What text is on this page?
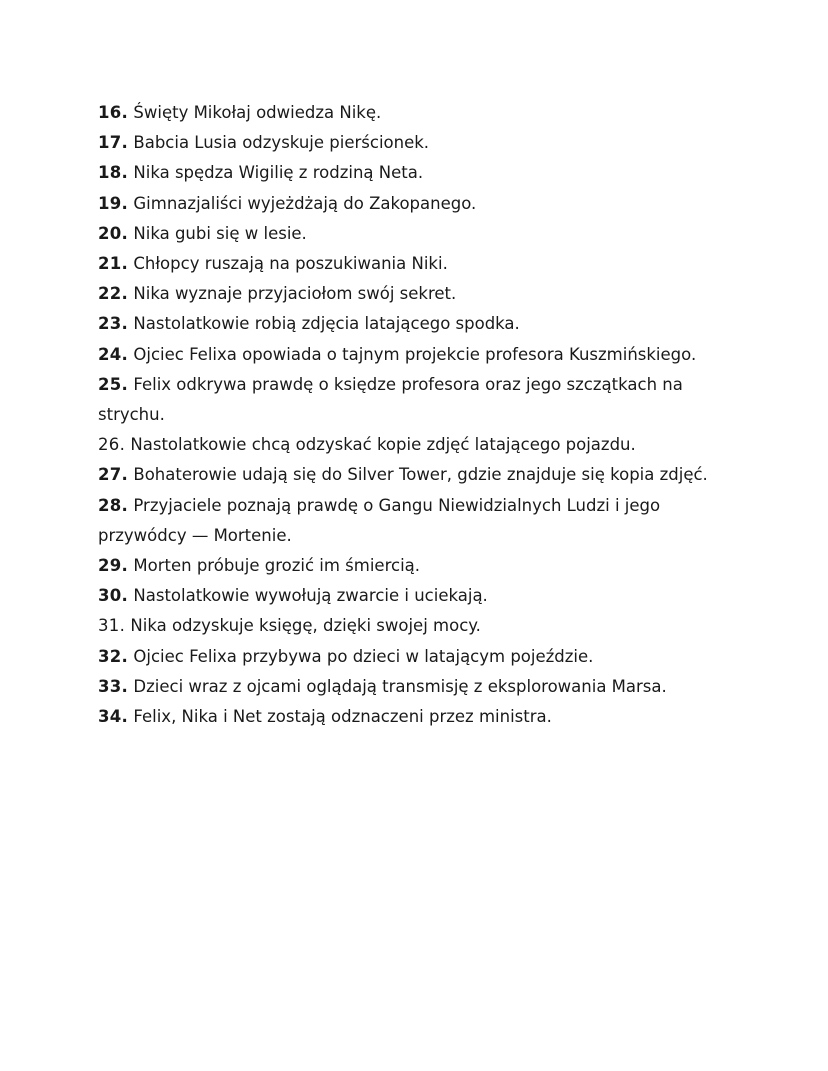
16. Święty Mikołaj odwiedza Nikę.
17. Babcia Lusia odzyskuje pierścionek.
18. Nika spędza Wigilię z rodziną Neta.
19. Gimnazjaliści wyjeżdżają do Zakopanego.
20. Nika gubi się w lesie.
21. Chłopcy ruszają na poszukiwania Niki.
22. Nika wyznaje przyjaciołom swój sekret.
23. Nastolatkowie robią zdjęcia latającego spodka.
24. Ojciec Felixa opowiada o tajnym projekcie profesora Kuszmińskiego.
25. Felix odkrywa prawdę o księdze profesora oraz jego szczątkach na strychu.
26. Nastolatkowie chcą odzyskać kopie zdjęć latającego pojazdu.
27. Bohaterowie udają się do Silver Tower, gdzie znajduje się kopia zdjęć.
28. Przyjaciele poznają prawdę o Gangu Niewidzialnych Ludzi i jego przywódcy — Mortenie.
29. Morten próbuje grozić im śmiercią.
30. Nastolatkowie wywołują zwarcie i uciekają.
31. Nika odzyskuje księgę, dzięki swojej mocy.
32. Ojciec Felixa przybywa po dzieci w latającym pojeździe.
33. Dzieci wraz z ojcami oglądają transmisję z eksplorowania Marsa.
34. Felix, Nika i Net zostają odznaczeni przez ministra.
